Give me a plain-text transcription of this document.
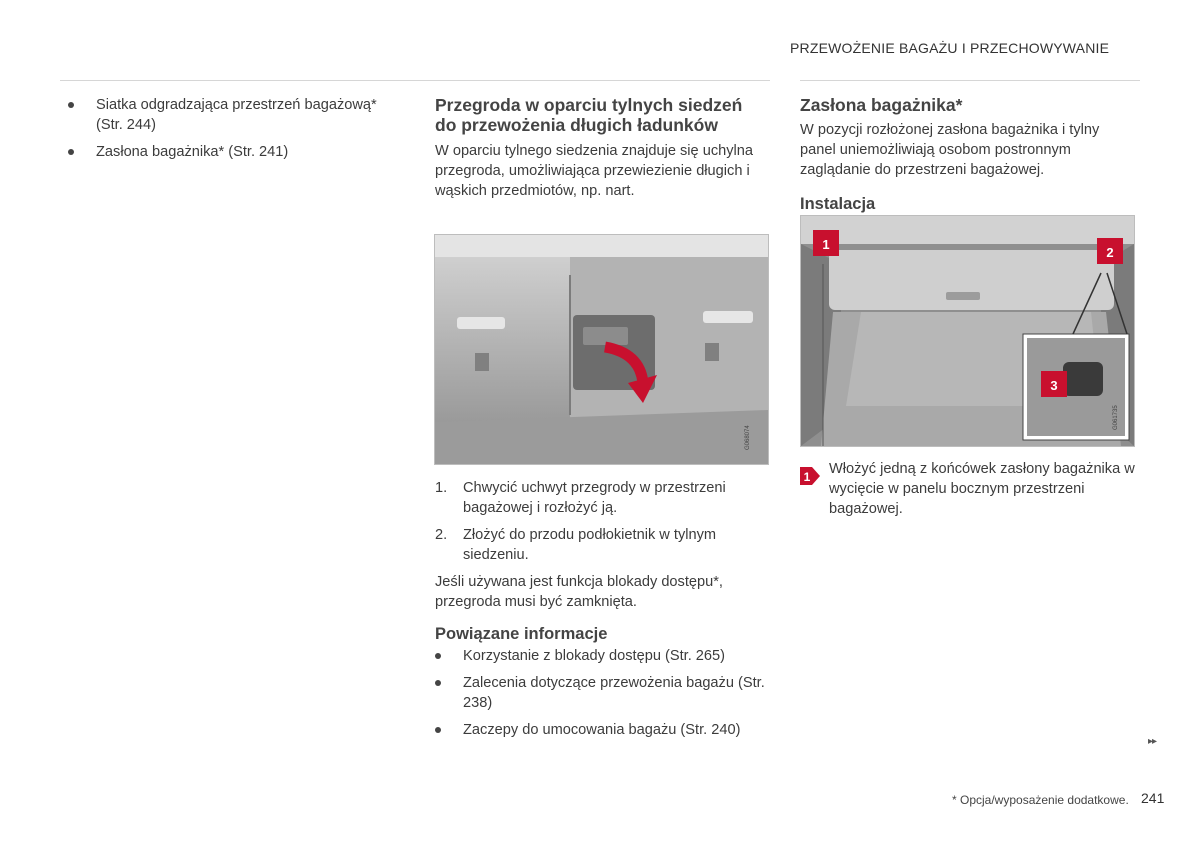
PRZEWOŻENIE BAGAŻU I PRZECHOWYWANIE
Siatka odgradzająca przestrzeń bagażową* (Str. 244)
Zasłona bagażnika* (Str. 241)
Przegroda w oparciu tylnych siedzeń do przewożenia długich ładunków

W oparciu tylnego siedzenia znajduje się uchylna przegroda, umożliwiająca przewiezienie długich i wąskich przedmiotów, np. nart.

G068074
1. Chwycić uchwyt przegrody w przestrzeni bagażowej i rozłożyć ją.
2. Złożyć do przodu podłokietnik w tylnym siedzeniu.

Jeśli używana jest funkcja blokady dostępu*, przegroda musi być zamknięta.

Powiązane informacje
Korzystanie z blokady dostępu (Str. 265)
Zalecenia dotyczące przewożenia bagażu (Str. 238)
Zaczepy do umocowania bagażu (Str. 240)
Zasłona bagażnika*

W pozycji rozłożonej zasłona bagażnika i tylny panel uniemożliwiają osobom postronnym zaglądanie do przestrzeni bagażowej.

Instalacja
1
2
3
G061735
1	Włożyć jedną z końcówek zasłony bagażnika w wycięcie w panelu bocznym przestrzeni bagażowej.

▸▸
* Opcja/wyposażenie dodatkowe. 241
